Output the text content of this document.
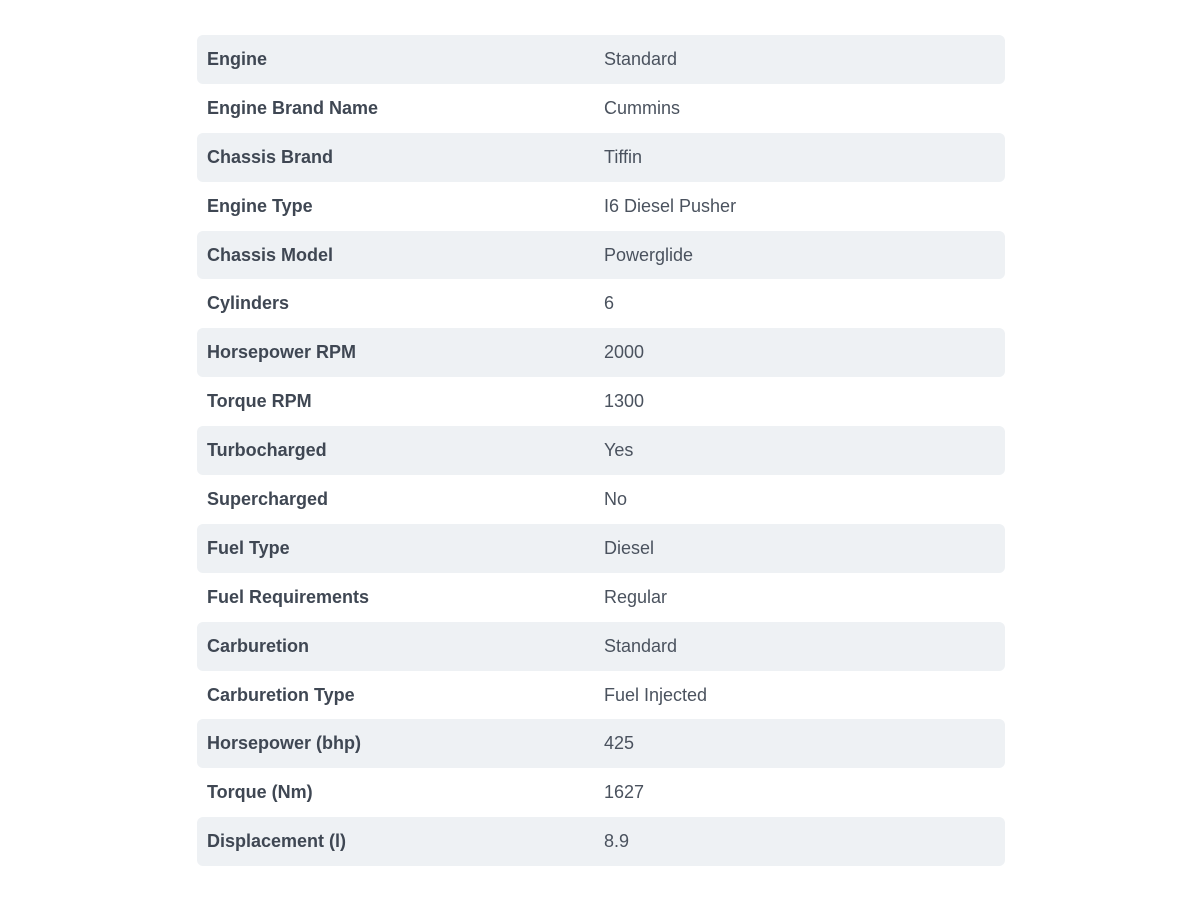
Engine	Standard
Engine Brand Name	Cummins
Chassis Brand	Tiffin
Engine Type	I6 Diesel Pusher
Chassis Model	Powerglide
Cylinders	6
Horsepower RPM	2000
Torque RPM	1300
Turbocharged	Yes
Supercharged	No
Fuel Type	Diesel
Fuel Requirements	Regular
Carburetion	Standard
Carburetion Type	Fuel Injected
Horsepower (bhp)	425
Torque (Nm)	1627
Displacement (l)	8.9
